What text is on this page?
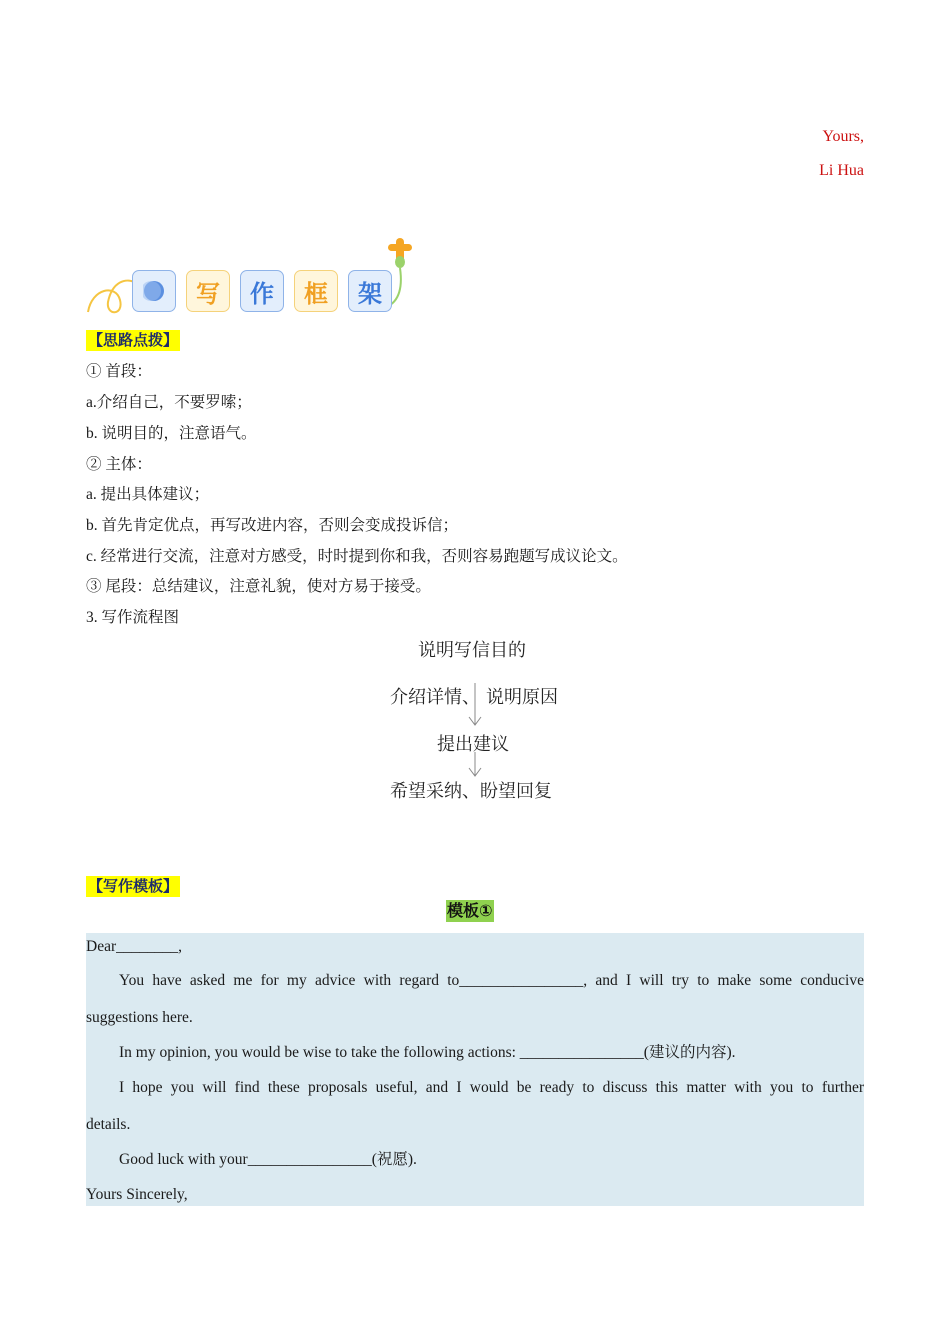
Yours,
Li Hua
写	作	框	架
【思路点拨】
① 首段：
a.介绍自己，不要罗嗦；
b. 说明目的，注意语气。
② 主体：
a. 提出具体建议；
b. 首先肯定优点，再写改进内容，否则会变成投诉信；
c. 经常进行交流，注意对方感受，时时提到你和我，否则容易跑题写成议论文。
③ 尾段：总结建议，注意礼貌，使对方易于接受。
3. 写作流程图
说明写信目的
介绍详情、 说明原因
提出建议
希望采纳、盼望回复
【写作模板】
模板①
Dear________,
You have asked me for my advice with regard to________________, and I will try to make some conducive
suggestions here.
In my opinion, you would be wise to take the following actions: ________________(建议的内容).
I hope you will find these proposals useful, and I would be ready to discuss this matter with you to further
details.
Good luck with your________________(祝愿).
Yours Sincerely,
